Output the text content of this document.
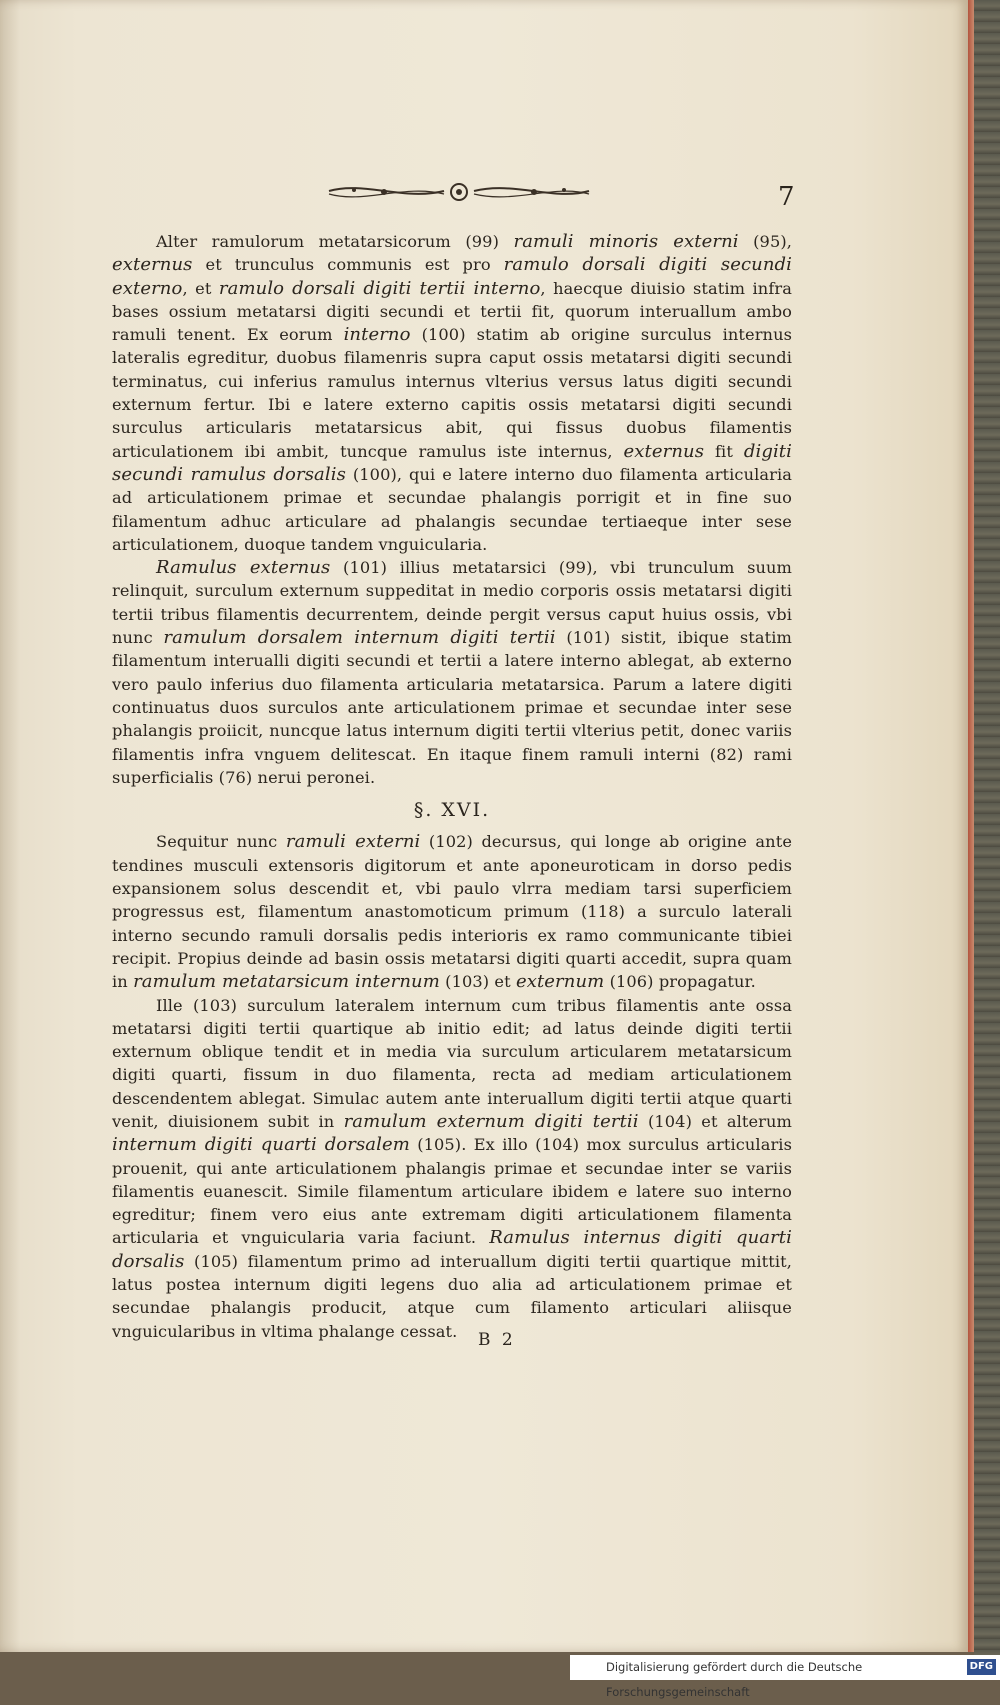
7

Alter ramulorum metatarsicorum (99) ramuli minoris externi (95), externus et trunculus communis est pro ramulo dorsali digiti secundi externo, et ramulo dorsali digiti tertii interno, haecque diuisio statim infra bases ossium metatarsi digiti secundi et tertii fit, quorum interuallum ambo ramuli tenent. Ex eorum interno (100) statim ab origine surculus internus lateralis egreditur, duobus filamenris supra caput ossis metatarsi digiti secundi terminatus, cui inferius ramulus internus vlterius versus latus digiti secundi externum fertur. Ibi e latere externo capitis ossis metatarsi digiti secundi surculus articularis metatarsicus abit, qui fissus duobus filamentis articulationem ibi ambit, tuncque ramulus iste internus, externus fit digiti secundi ramulus dorsalis (100), qui e latere interno duo filamenta articularia ad articulationem primae et secundae phalangis porrigit et in fine suo filamentum adhuc articulare ad phalangis secundae tertiaeque inter sese articulationem, duoque tandem vnguicularia.

Ramulus externus (101) illius metatarsici (99), vbi trunculum suum relinquit, surculum externum suppeditat in medio corporis ossis metatarsi digiti tertii tribus filamentis decurrentem, deinde pergit versus caput huius ossis, vbi nunc ramulum dorsalem internum digiti tertii (101) sistit, ibique statim filamentum interualli digiti secundi et tertii a latere interno ablegat, ab externo vero paulo inferius duo filamenta articularia metatarsica. Parum a latere digiti continuatus duos surculos ante articulationem primae et secundae inter sese phalangis proiicit, nuncque latus internum digiti tertii vlterius petit, donec variis filamentis infra vnguem delitescat. En itaque finem ramuli interni (82) rami superficialis (76) nerui peronei.

§. XVI.

Sequitur nunc ramuli externi (102) decursus, qui longe ab origine ante tendines musculi extensoris digitorum et ante aponeuroticam in dorso pedis expansionem solus descendit et, vbi paulo vlrra mediam tarsi superficiem progressus est, filamentum anastomoticum primum (118) a surculo laterali interno secundo ramuli dorsalis pedis interioris ex ramo communicante tibiei recipit. Propius deinde ad basin ossis metatarsi digiti quarti accedit, supra quam in ramulum metatarsicum internum (103) et externum (106) propagatur.

Ille (103) surculum lateralem internum cum tribus filamentis ante ossa metatarsi digiti tertii quartique ab initio edit; ad latus deinde digiti tertii externum oblique tendit et in media via surculum articularem metatarsicum digiti quarti, fissum in duo filamenta, recta ad mediam articulationem descendentem ablegat. Simulac autem ante interuallum digiti tertii atque quarti venit, diuisionem subit in ramulum externum digiti tertii (104) et alterum internum digiti quarti dorsalem (105). Ex illo (104) mox surculus articularis prouenit, qui ante articulationem phalangis primae et secundae inter se variis filamentis euanescit. Simile filamentum articulare ibidem e latere suo interno egreditur; finem vero eius ante extremam digiti articulationem filamenta articularia et vnguicularia varia faciunt. Ramulus internus digiti quarti dorsalis (105) filamentum primo ad interuallum digiti tertii quartique mittit, latus postea internum digiti legens duo alia ad articulationem primae et secundae phalangis producit, atque cum filamento articulari aliisque vnguicularibus in vltima phalange cessat.	B 2
Digitalisierung gefördert durch die Deutsche Forschungsgemeinschaft
DFG
